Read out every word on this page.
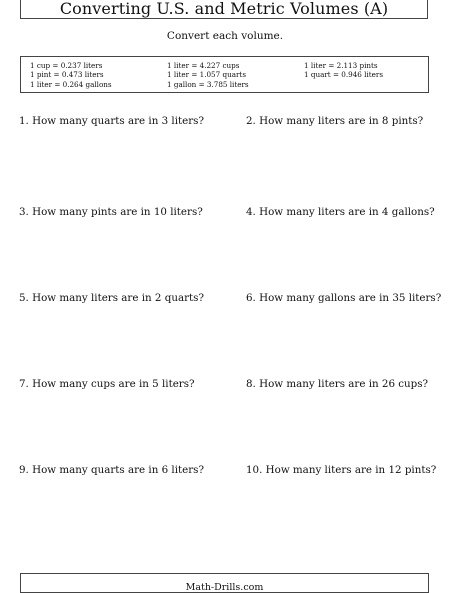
Converting U.S. and Metric Volumes (A)
Convert each volume.
1 cup = 0.237 liters
1 pint = 0.473 liters
1 liter = 0.264 gallons
1 liter = 4.227 cups
1 liter = 1.057 quarts
1 gallon = 3.785 liters
1 liter = 2.113 pints
1 quart = 0.946 liters
1. How many quarts are in 3 liters?	2. How many liters are in 8 pints?
3. How many pints are in 10 liters?	4. How many liters are in 4 gallons?
5. How many liters are in 2 quarts?	6. How many gallons are in 35 liters?
7. How many cups are in 5 liters?	8. How many liters are in 26 cups?
9. How many quarts are in 6 liters?	10. How many liters are in 12 pints?
Math-Drills.com
